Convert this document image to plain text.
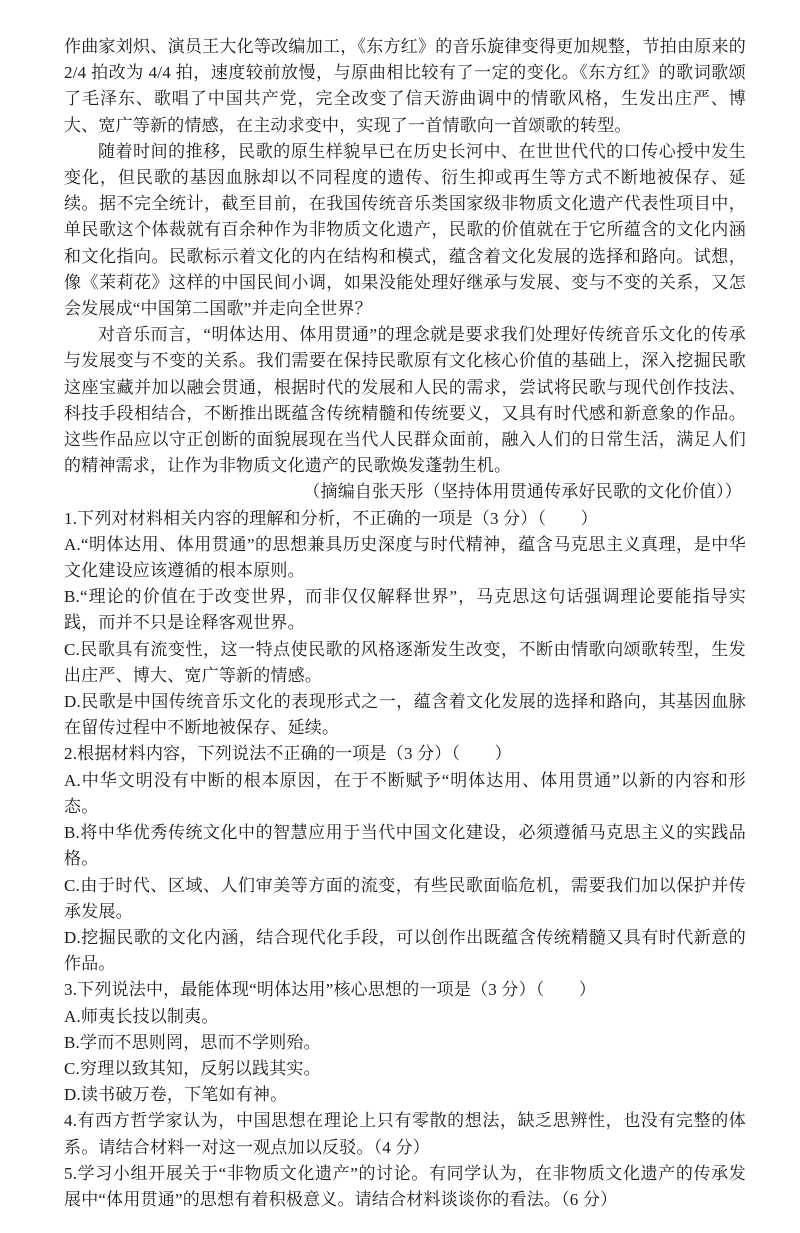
作曲家刘炽、演员王大化等改编加工，《东方红》的音乐旋律变得更加规整，节拍由原来的 2/4 拍改为 4/4 拍，速度较前放慢，与原曲相比较有了一定的变化。《东方红》的歌词歌颂了毛泽东、歌唱了中国共产党，完全改变了信天游曲调中的情歌风格，生发出庄严、博大、宽广等新的情感，在主动求变中，实现了一首情歌向一首颂歌的转型。
随着时间的推移，民歌的原生样貌早已在历史长河中、在世世代代的口传心授中发生变化，但民歌的基因血脉却以不同程度的遗传、衍生抑或再生等方式不断地被保存、延续。据不完全统计，截至目前，在我国传统音乐类国家级非物质文化遗产代表性项目中，单民歌这个体裁就有百余种作为非物质文化遗产，民歌的价值就在于它所蕴含的文化内涵和文化指向。民歌标示着文化的内在结构和模式，蕴含着文化发展的选择和路向。试想，像《茉莉花》这样的中国民间小调，如果没能处理好继承与发展、变与不变的关系，又怎会发展成“中国第二国歌”并走向全世界？
对音乐而言，“明体达用、体用贯通”的理念就是要求我们处理好传统音乐文化的传承与发展变与不变的关系。我们需要在保持民歌原有文化核心价值的基础上，深入挖掘民歌这座宝藏并加以融会贯通，根据时代的发展和人民的需求，尝试将民歌与现代创作技法、科技手段相结合，不断推出既蕴含传统精髓和传统要义，又具有时代感和新意象的作品。这些作品应以守正创断的面貌展现在当代人民群众面前，融入人们的日常生活，满足人们的精神需求，让作为非物质文化遗产的民歌焕发蓬勃生机。
（摘编自张天彤（坚持体用贯通传承好民歌的文化价值））
1.下列对材料相关内容的理解和分析，不正确的一项是（3 分）（　　）
A.“明体达用、体用贯通”的思想兼具历史深度与时代精神，蕴含马克思主义真理，是中华文化建设应该遵循的根本原则。
B.“理论的价值在于改变世界，而非仅仅解释世界”，马克思这句话强调理论要能指导实践，而并不只是诠释客观世界。
C.民歌具有流变性，这一特点使民歌的风格逐渐发生改变，不断由情歌向颂歌转型，生发出庄严、博大、宽广等新的情感。
D.民歌是中国传统音乐文化的表现形式之一，蕴含着文化发展的选择和路向，其基因血脉在留传过程中不断地被保存、延续。
2.根据材料内容，下列说法不正确的一项是（3 分）（　　）
A.中华文明没有中断的根本原因，在于不断赋予“明体达用、体用贯通”以新的内容和形态。
B.将中华优秀传统文化中的智慧应用于当代中国文化建设，必须遵循马克思主义的实践品格。
C.由于时代、区域、人们审美等方面的流变，有些民歌面临危机，需要我们加以保护并传承发展。
D.挖掘民歌的文化内涵，结合现代化手段，可以创作出既蕴含传统精髓又具有时代新意的作品。
3.下列说法中，最能体现“明体达用”核心思想的一项是（3 分）（　　）
A.师夷长技以制夷。
B.学而不思则罔，思而不学则殆。
C.穷理以致其知，反躬以践其实。
D.读书破万卷，下笔如有神。
4.有西方哲学家认为，中国思想在理论上只有零散的想法，缺乏思辨性，也没有完整的体系。请结合材料一对这一观点加以反驳。（4 分）
5.学习小组开展关于“非物质文化遗产”的讨论。有同学认为，在非物质文化遗产的传承发展中“体用贯通”的思想有着积极意义。请结合材料谈谈你的看法。（6 分）
